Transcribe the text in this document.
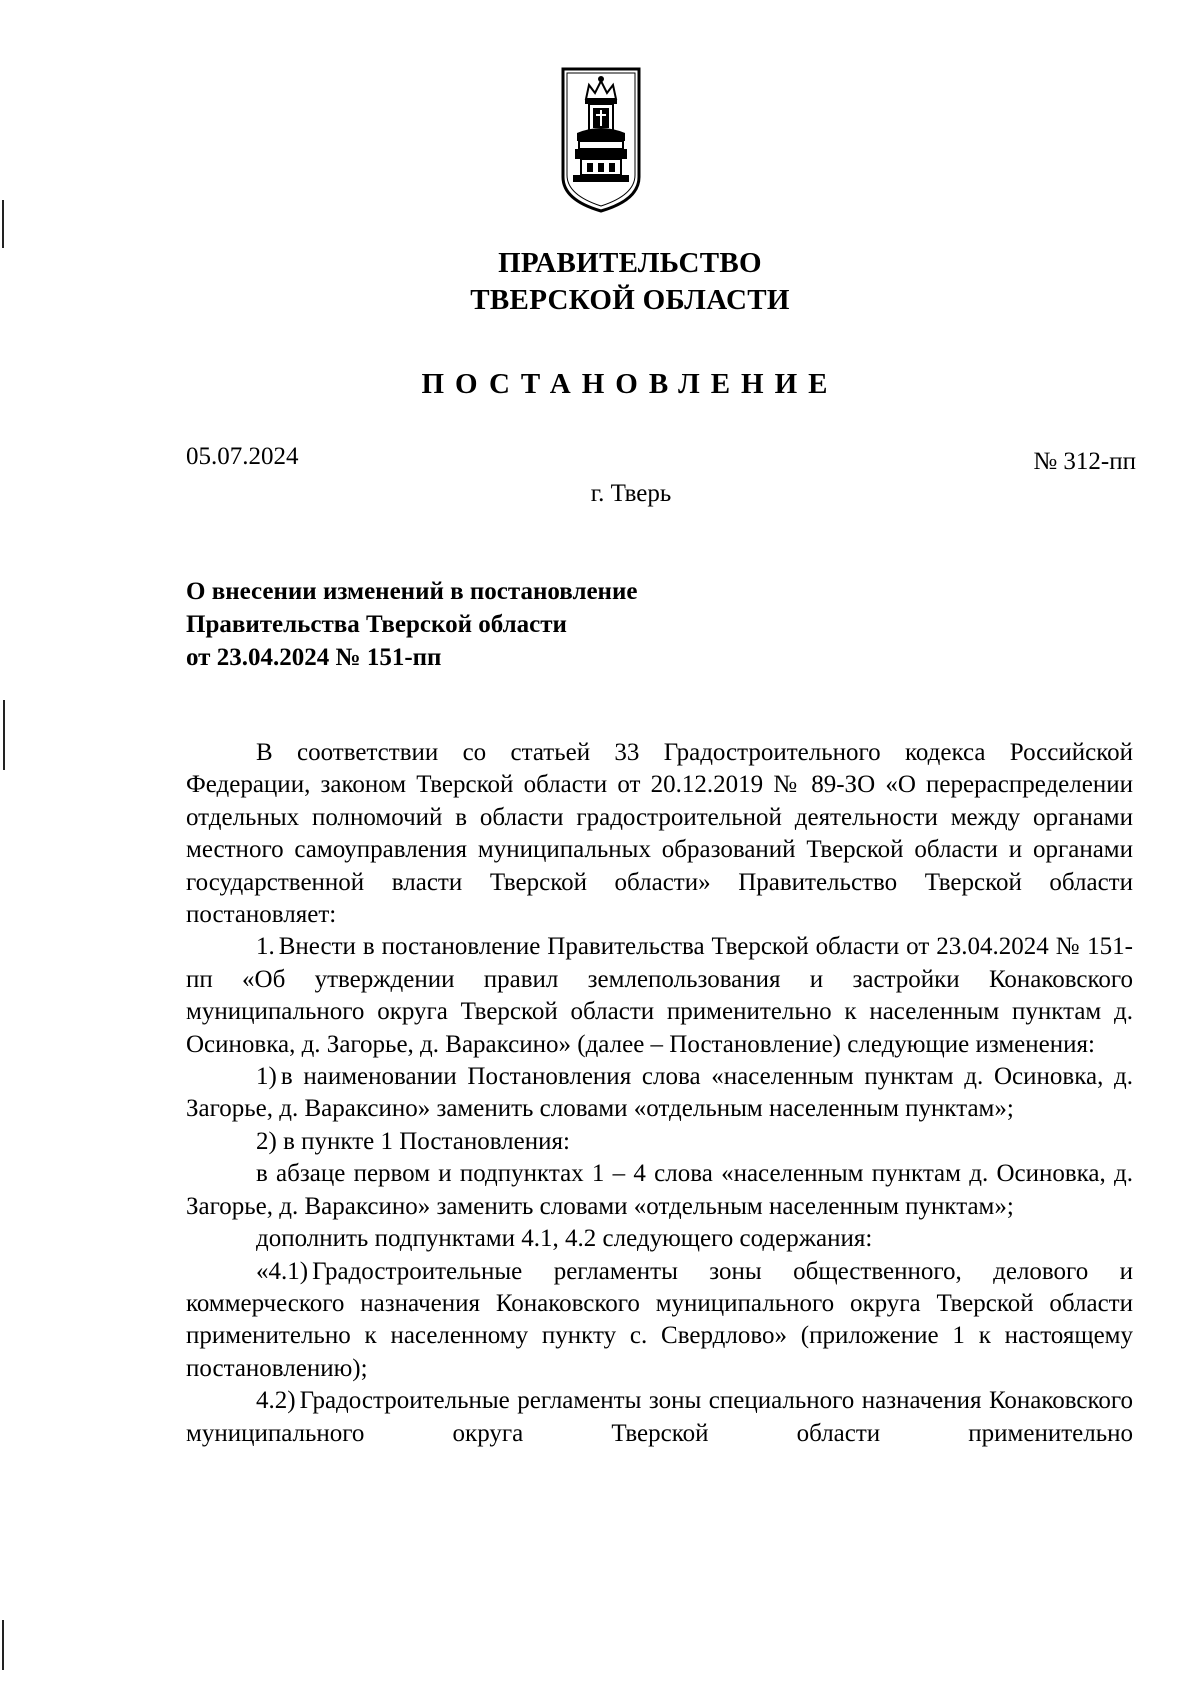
ПРАВИТЕЛЬСТВО
ТВЕРСКОЙ ОБЛАСТИ
ПОСТАНОВЛЕНИЕ
05.07.2024	№ 312-пп
г. Тверь
О внесении изменений в постановление
Правительства Тверской области
от 23.04.2024 № 151-пп

В соответствии со статьей 33 Градостроительного кодекса Российской Федерации, законом Тверской области от 20.12.2019 № 89-ЗО «О перераспределении отдельных полномочий в области градостроительной деятельности между органами местного самоуправления муниципальных образований Тверской области и органами государственной власти Тверской области» Правительство Тверской области постановляет:

1. Внести в постановление Правительства Тверской области от 23.04.2024 № 151-пп «Об утверждении правил землепользования и застройки Конаковского муниципального округа Тверской области применительно к населенным пунктам д. Осиновка, д. Загорье, д. Вараксино» (далее – Постановление) следующие изменения:

1) в наименовании Постановления слова «населенным пунктам д. Осиновка, д. Загорье, д. Вараксино» заменить словами «отдельным населенным пунктам»;

2) в пункте 1 Постановления:

в абзаце первом и подпунктах 1 – 4 слова «населенным пунктам д. Осиновка, д. Загорье, д. Вараксино» заменить словами «отдельным населенным пунктам»;

дополнить подпунктами 4.1, 4.2 следующего содержания:

«4.1) Градостроительные регламенты зоны общественного, делового и коммерческого назначения Конаковского муниципального округа Тверской области применительно к населенному пункту с. Свердлово» (приложение 1 к настоящему постановлению);

4.2) Градостроительные регламенты зоны специального назначения Конаковского муниципального округа Тверской области применительно
